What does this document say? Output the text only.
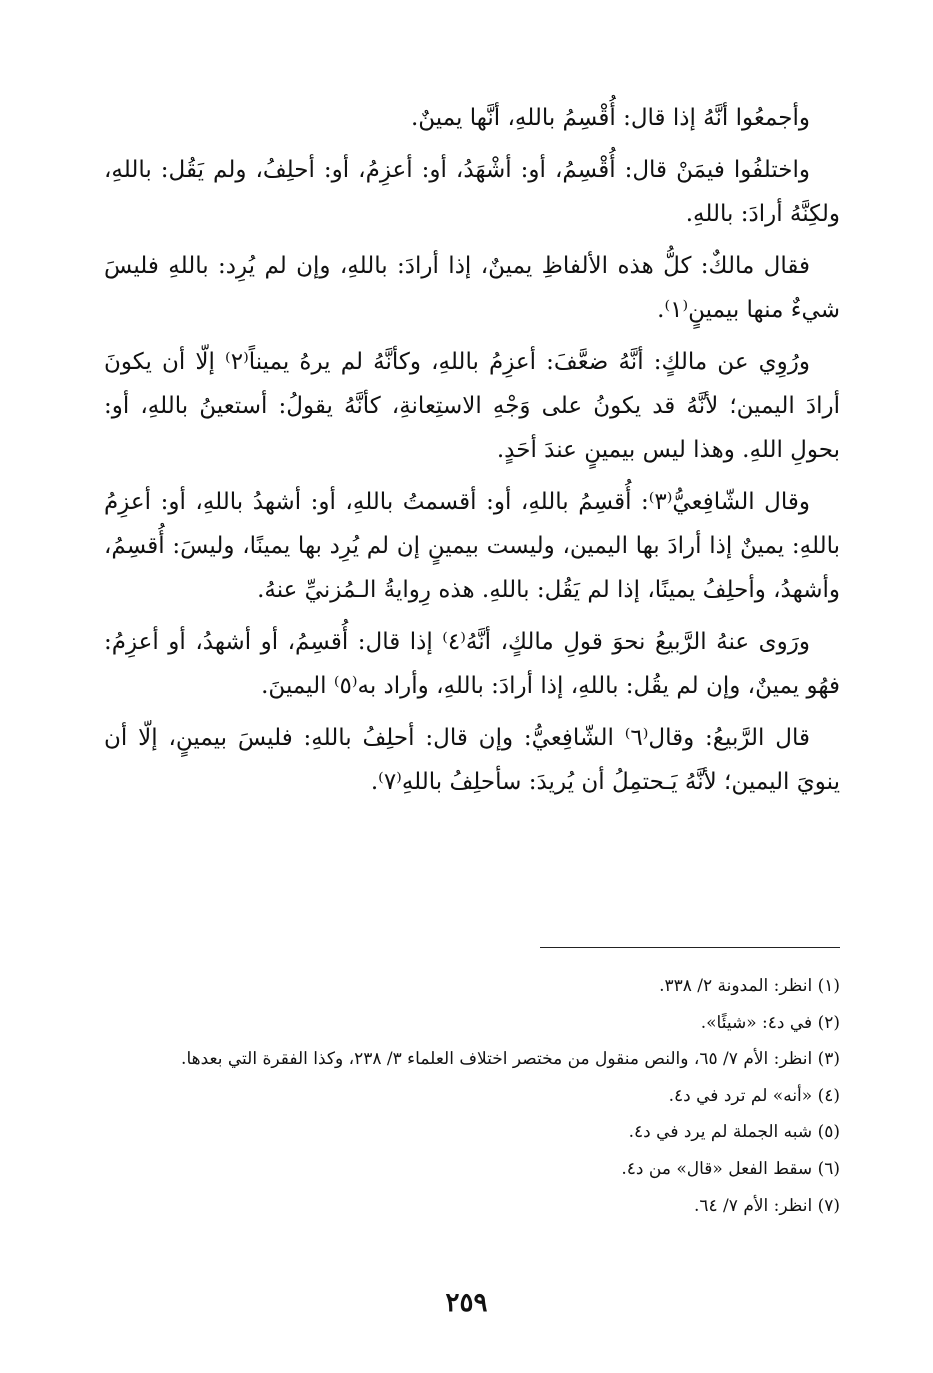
وأجمعُوا أنَّهُ إذا قال: أُقْسِمُ باللهِ، أنَّها يمينٌ.

واختلفُوا فيمَنْ قال: أُقْسِمُ، أو: أشْهَدُ، أو: أعزِمُ، أو: أحلِفُ، ولم يَقُل: باللهِ، ولكِنَّهُ أرادَ: باللهِ.

فقال مالكٌ: كلُّ هذه الألفاظِ يمينٌ، إذا أرادَ: باللهِ، وإن لم يُرِد: باللهِ فليسَ شيءٌ منها بيمينٍ⁽١⁾.

ورُوِي عن مالكٍ: أنَّهُ ضعَّفَ: أعزِمُ باللهِ، وكأنَّهُ لم يرهُ يميناً⁽٢⁾ إلّا أن يكونَ أرادَ اليمين؛ لأنَّهُ قد يكونُ على وَجْهِ الاستِعانةِ، كأنَّهُ يقولُ: أستعينُ باللهِ، أو: بحولِ اللهِ. وهذا ليس بيمينٍ عندَ أحَدٍ.

وقال الشّافِعيُّ⁽٣⁾: أُقسِمُ باللهِ، أو: أقسمتُ باللهِ، أو: أشهدُ باللهِ، أو: أعزِمُ باللهِ: يمينٌ إذا أرادَ بها اليمين، وليست بيمينٍ إن لم يُرِد بها يمينًا، وليسَ: أُقسِمُ، وأشهدُ، وأحلِفُ يمينًا، إذا لم يَقُل: باللهِ. هذه رِوايةُ الـمُزنيِّ عنهُ.

ورَوى عنهُ الرَّبيعُ نحوَ قولِ مالكٍ، أنَّهُ⁽٤⁾ إذا قال: أُقسِمُ، أو أشهدُ، أو أعزِمُ: فهُو يمينٌ، وإن لم يقُل: باللهِ، إذا أرادَ: باللهِ، وأراد به⁽٥⁾ اليمينَ.

قال الرَّبيعُ: وقال⁽٦⁾ الشّافِعيُّ: وإن قال: أحلِفُ باللهِ: فليسَ بيمينٍ، إلّا أن ينويَ اليمين؛ لأنَّهُ يَـحتمِلُ أن يُريدَ: سأحلِفُ باللهِ⁽٧⁾.

(١) انظر: المدونة ٢/ ٣٣٨.

(٢) في د٤: «شيئًا».

(٣) انظر: الأم ٧/ ٦٥، والنص منقول من مختصر اختلاف العلماء ٣/ ٢٣٨، وكذا الفقرة التي بعدها.

(٤) «أنه» لم ترد في د٤.

(٥) شبه الجملة لم يرد في د٤.

(٦) سقط الفعل «قال» من د٤.

(٧) انظر: الأم ٧/ ٦٤.

٢٥٩
